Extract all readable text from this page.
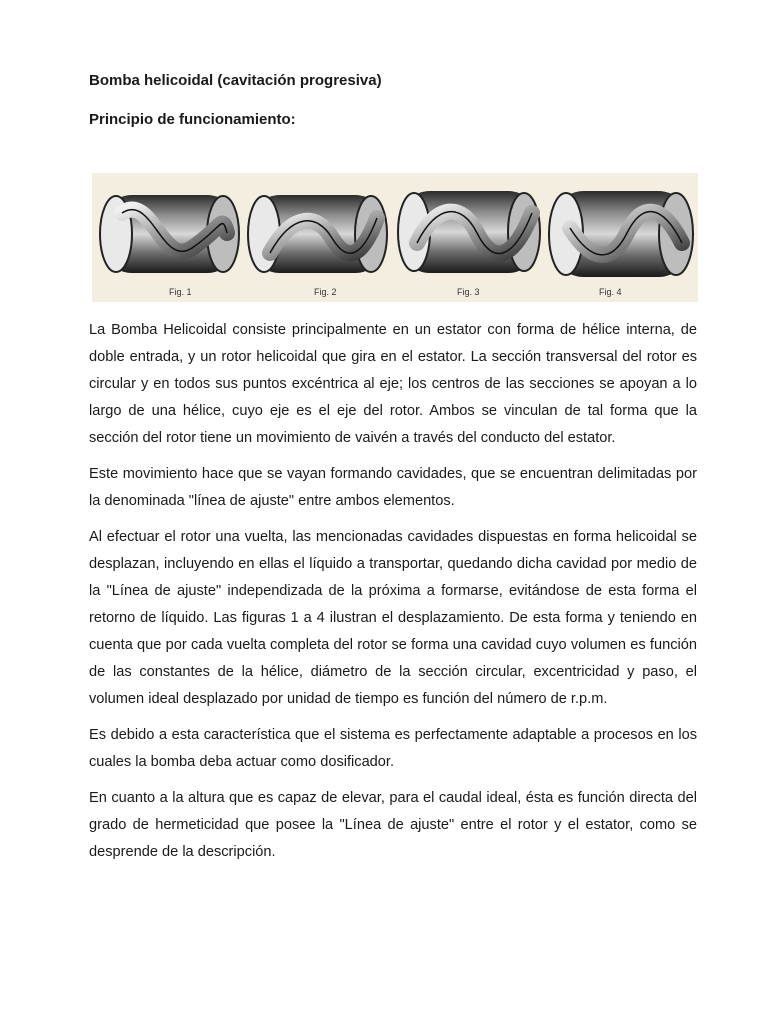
Bomba helicoidal (cavitación progresiva)
Principio de funcionamiento:
Fig. 1	Fig. 2	Fig. 3	Fig. 4

La Bomba Helicoidal consiste principalmente en un estator con forma de hélice interna, de doble entrada, y un rotor helicoidal que gira en el estator. La sección transversal del rotor es circular y en todos sus puntos excéntrica al eje; los centros de las secciones se apoyan a lo largo de una hélice, cuyo eje es el eje del rotor. Ambos se vinculan de tal forma que la sección del rotor tiene un movimiento de vaivén a través del conducto del estator.

Este movimiento hace que se vayan formando cavidades, que se encuentran delimitadas por la denominada "línea de ajuste" entre ambos elementos.

Al efectuar el rotor una vuelta, las mencionadas cavidades dispuestas en forma helicoidal se desplazan, incluyendo en ellas el líquido a transportar, quedando dicha cavidad por medio de la "Línea de ajuste" independizada de la próxima a formarse, evitándose de esta forma el retorno de líquido. Las figuras 1 a 4 ilustran el desplazamiento. De esta forma y teniendo en cuenta que por cada vuelta completa del rotor se forma una cavidad cuyo volumen es función de las constantes de la hélice, diámetro de la sección circular, excentricidad y paso, el volumen ideal desplazado por unidad de tiempo es función del número de r.p.m.

Es debido a esta característica que el sistema es perfectamente adaptable a procesos en los cuales la bomba deba actuar como dosificador.

En cuanto a la altura que es capaz de elevar, para el caudal ideal, ésta es función directa del grado de hermeticidad que posee la "Línea de ajuste" entre el rotor y el estator, como se desprende de la descripción.
